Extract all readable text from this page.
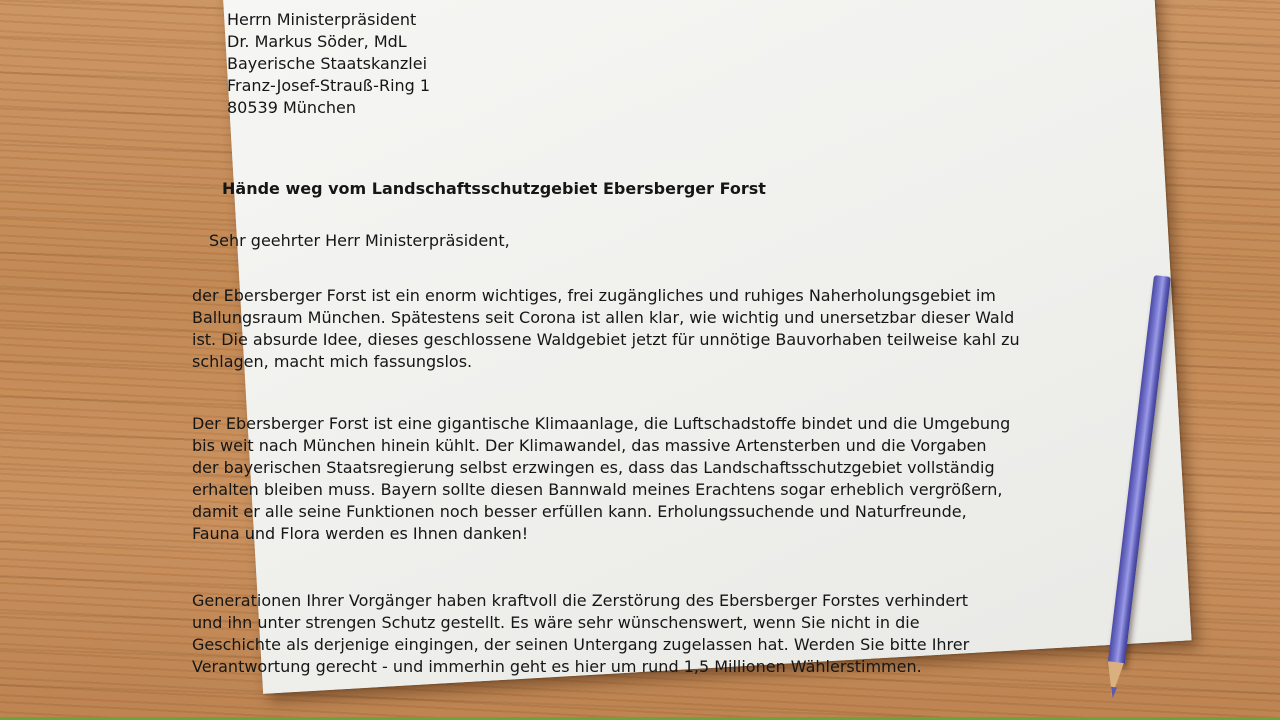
Herrn Ministerpräsident
Dr. Markus Söder, MdL
Bayerische Staatskanzlei
Franz-Josef-Strauß-Ring 1
80539 München
Hände weg vom Landschaftsschutzgebiet Ebersberger Forst
Sehr geehrter Herr Ministerpräsident,
der Ebersberger Forst ist ein enorm wichtiges, frei zugängliches und ruhiges Naherholungsgebiet im
Ballungsraum München. Spätestens seit Corona ist allen klar, wie wichtig und unersetzbar dieser Wald
ist. Die absurde Idee, dieses geschlossene Waldgebiet jetzt für unnötige Bauvorhaben teilweise kahl zu
schlagen, macht mich fassungslos.
Der Ebersberger Forst ist eine gigantische Klimaanlage, die Luftschadstoffe bindet und die Umgebung
bis weit nach München hinein kühlt. Der Klimawandel, das massive Artensterben und die Vorgaben
der bayerischen Staatsregierung selbst erzwingen es, dass das Landschaftsschutzgebiet vollständig
erhalten bleiben muss. Bayern sollte diesen Bannwald meines Erachtens sogar erheblich vergrößern,
damit er alle seine Funktionen noch besser erfüllen kann. Erholungssuchende und Naturfreunde,
Fauna und Flora werden es Ihnen danken!
Generationen Ihrer Vorgänger haben kraftvoll die Zerstörung des Ebersberger Forstes verhindert
und ihn unter strengen Schutz gestellt. Es wäre sehr wünschenswert, wenn Sie nicht in die
Geschichte als derjenige eingingen, der seinen Untergang zugelassen hat. Werden Sie bitte Ihrer
Verantwortung gerecht - und immerhin geht es hier um rund 1,5 Millionen Wählerstimmen.
